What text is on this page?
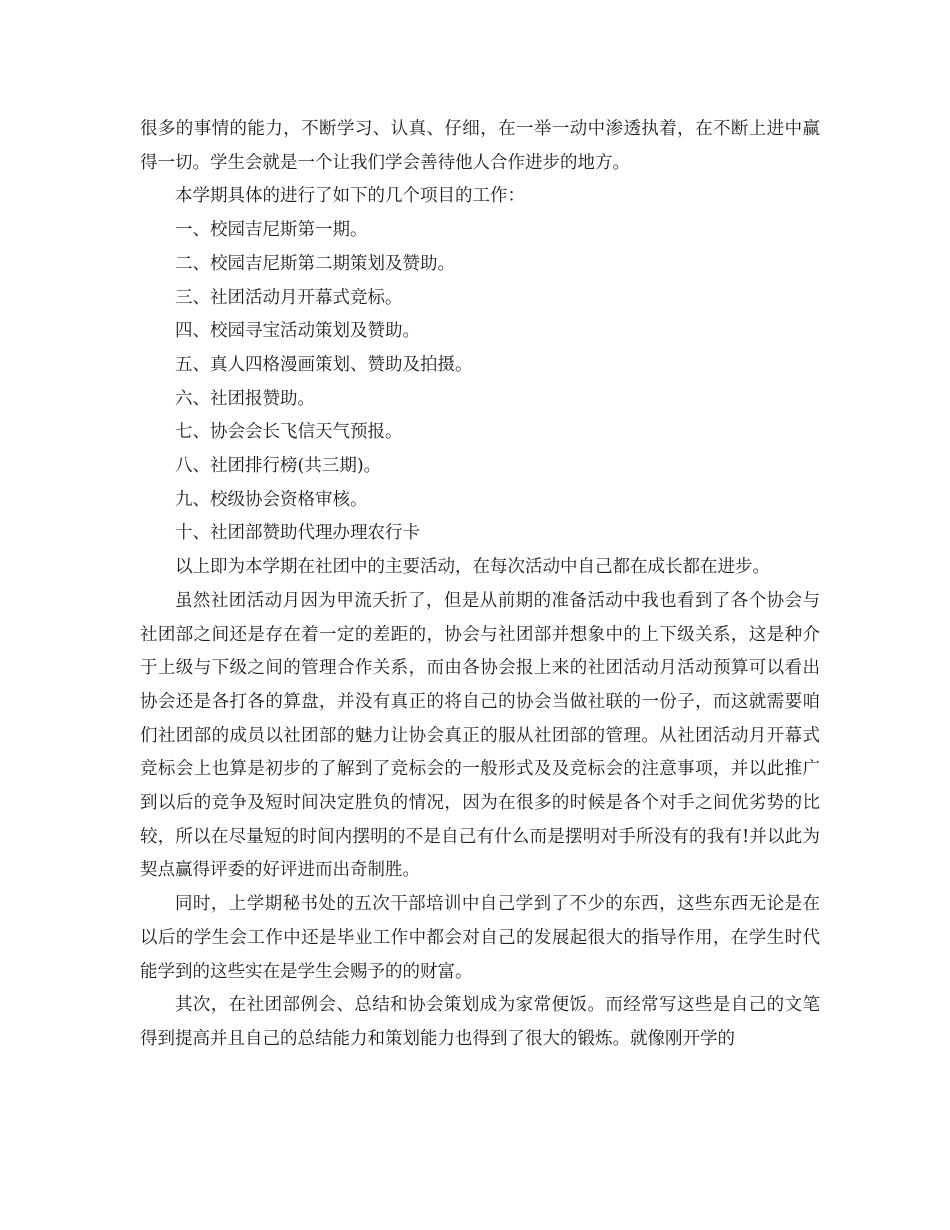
很多的事情的能力，不断学习、认真、仔细，在一举一动中渗透执着，在不断上进中赢得一切。学生会就是一个让我们学会善待他人合作进步的地方。

本学期具体的进行了如下的几个项目的工作：

一、校园吉尼斯第一期。

二、校园吉尼斯第二期策划及赞助。

三、社团活动月开幕式竞标。

四、校园寻宝活动策划及赞助。

五、真人四格漫画策划、赞助及拍摄。

六、社团报赞助。

七、协会会长飞信天气预报。

八、社团排行榜(共三期)。

九、校级协会资格审核。

十、社团部赞助代理办理农行卡

以上即为本学期在社团中的主要活动，在每次活动中自己都在成长都在进步。

虽然社团活动月因为甲流夭折了，但是从前期的准备活动中我也看到了各个协会与社团部之间还是存在着一定的差距的，协会与社团部并想象中的上下级关系，这是种介于上级与下级之间的管理合作关系，而由各协会报上来的社团活动月活动预算可以看出协会还是各打各的算盘，并没有真正的将自己的协会当做社联的一份子，而这就需要咱们社团部的成员以社团部的魅力让协会真正的服从社团部的管理。从社团活动月开幕式竞标会上也算是初步的了解到了竞标会的一般形式及及竞标会的注意事项，并以此推广到以后的竞争及短时间决定胜负的情况，因为在很多的时候是各个对手之间优劣势的比较，所以在尽量短的时间内摆明的不是自己有什么而是摆明对手所没有的我有!并以此为契点赢得评委的好评进而出奇制胜。

同时，上学期秘书处的五次干部培训中自己学到了不少的东西，这些东西无论是在以后的学生会工作中还是毕业工作中都会对自己的发展起很大的指导作用，在学生时代能学到的这些实在是学生会赐予的的财富。

其次，在社团部例会、总结和协会策划成为家常便饭。而经常写这些是自己的文笔得到提高并且自己的总结能力和策划能力也得到了很大的锻炼。就像刚开学的
